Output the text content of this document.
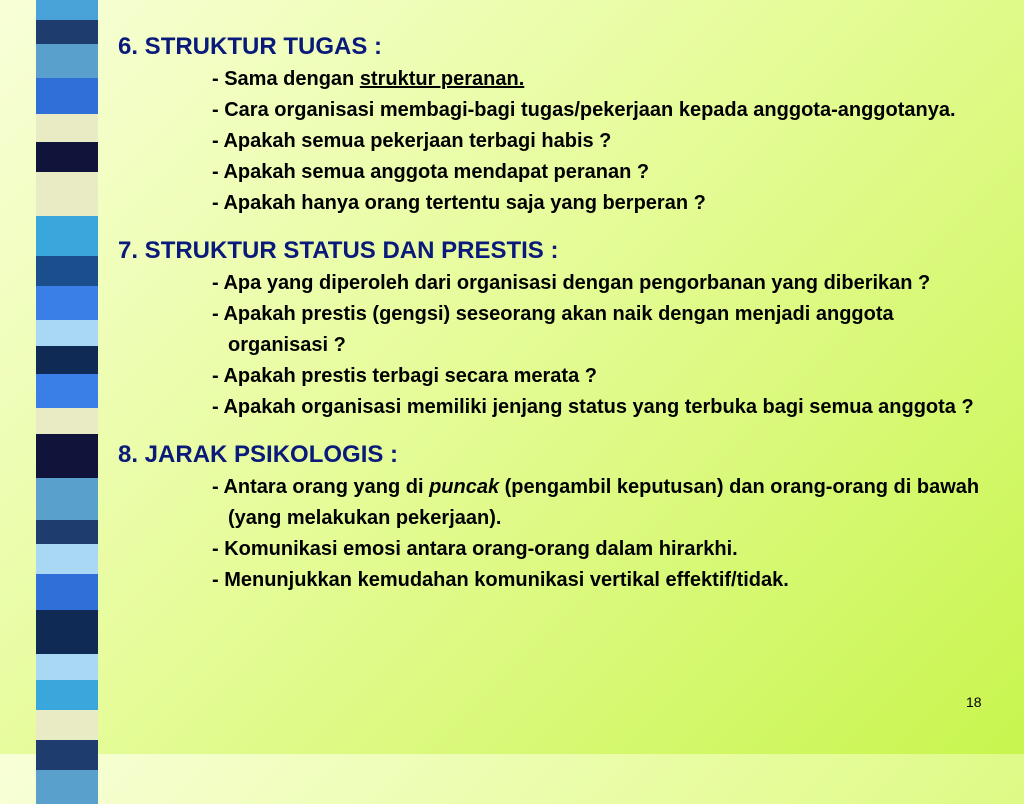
6. STRUKTUR TUGAS :
- Sama dengan struktur peranan.
- Cara organisasi membagi-bagi tugas/pekerjaan kepada anggota-anggotanya.
- Apakah semua pekerjaan terbagi habis ?
- Apakah semua anggota mendapat peranan ?
- Apakah hanya orang tertentu saja yang berperan ?
7. STRUKTUR STATUS DAN PRESTIS :
- Apa yang diperoleh dari organisasi dengan pengorbanan yang diberikan ?
- Apakah prestis (gengsi) seseorang akan naik dengan menjadi anggota organisasi ?
- Apakah prestis terbagi secara merata ?
- Apakah organisasi memiliki jenjang status yang terbuka bagi semua anggota ?
8. JARAK PSIKOLOGIS :
- Antara orang yang di puncak (pengambil keputusan) dan orang-orang di bawah (yang melakukan pekerjaan).
- Komunikasi emosi antara orang-orang dalam hirarkhi.
- Menunjukkan kemudahan komunikasi vertikal effektif/tidak.
18
